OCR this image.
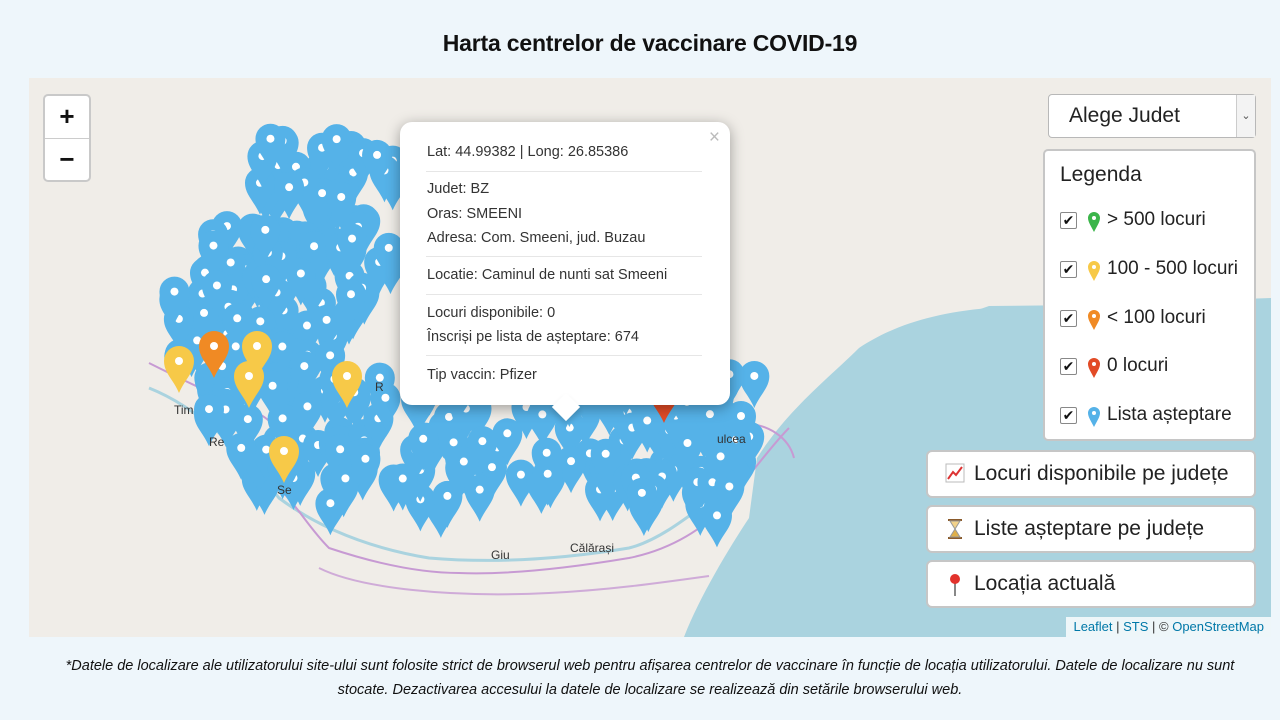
Harta centrelor de vaccinare COVID-19
Tim
Re
Se
ulcea
Călărași
Giu
R
+
−
×
Lat: 44.99382 | Long: 26.85386
Judet: BZ
Oras: SMEENI
Adresa: Com. Smeeni, jud. Buzau
Locatie: Caminul de nunti sat Smeeni
Locuri disponibile: 0
Înscriși pe lista de așteptare: 674
Tip vaccin: Pfizer
Alege Judet	⌄
Legenda
✔ > 500 locuri
✔ 100 - 500 locuri
✔ < 100 locuri
✔ 0 locuri
✔ Lista așteptare
Locuri disponibile pe județe
Liste așteptare pe județe
Locația actuală
Leaflet | STS | © OpenStreetMap
*Datele de localizare ale utilizatorului site-ului sunt folosite strict de browserul web pentru afișarea centrelor de vaccinare în funcție de locația utilizatorului. Datele de localizare nu sunt stocate. Dezactivarea accesului la datele de localizare se realizează din setările browserului web.
